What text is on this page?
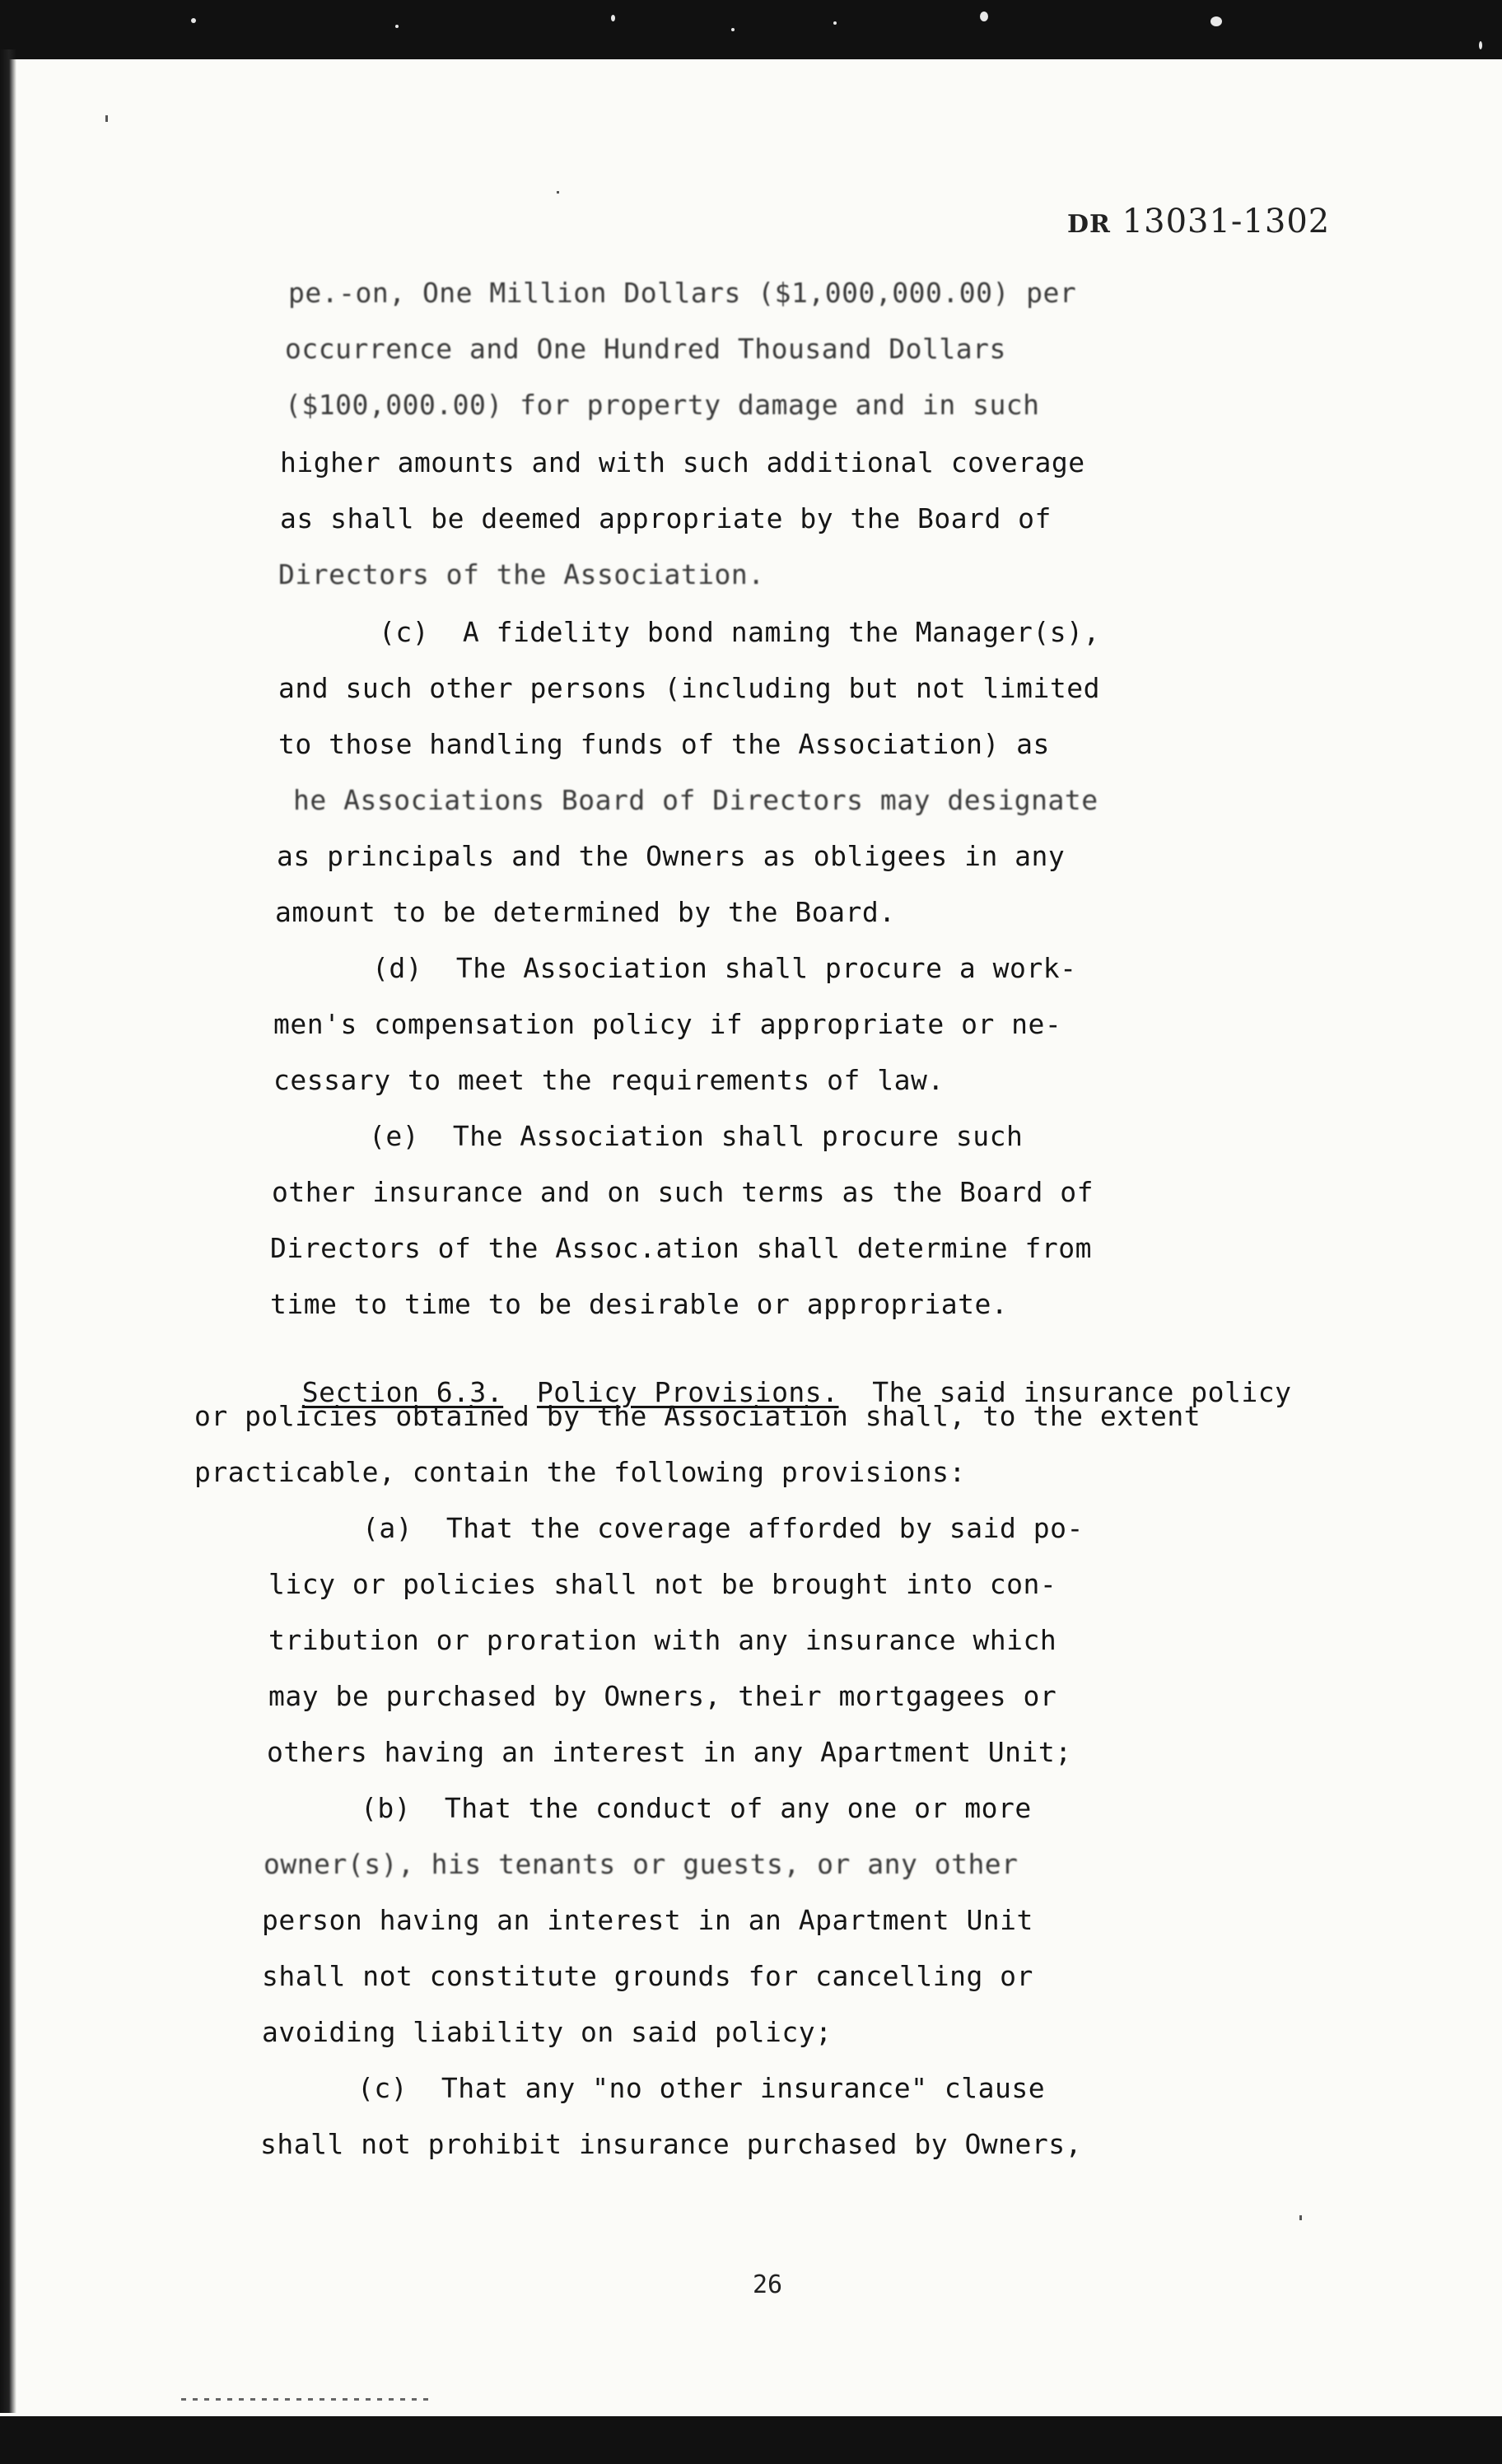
DR 13031-1302
pe.-on, One Million Dollars ($1,000,000.00) per
occurrence and One Hundred Thousand Dollars
($100,000.00) for property damage and in such
higher amounts and with such additional coverage
as shall be deemed appropriate by the Board of
Directors of the Association.
(c)  A fidelity bond naming the Manager(s),
and such other persons (including but not limited
to those handling funds of the Association) as
he Associations Board of Directors may designate
as principals and the Owners as obligees in any
amount to be determined by the Board.
(d)  The Association shall procure a work-
men's compensation policy if appropriate or ne-
cessary to meet the requirements of law.
(e)  The Association shall procure such
other insurance and on such terms as the Board of
Directors of the Assoc.ation shall determine from
time to time to be desirable or appropriate.

Section 6.3. Policy Provisions. The said insurance policy

or policies obtained by the Association shall, to the extent
practicable, contain the following provisions:
(a)  That the coverage afforded by said po-
licy or policies shall not be brought into con-
tribution or proration with any insurance which
may be purchased by Owners, their mortgagees or
others having an interest in any Apartment Unit;
(b)  That the conduct of any one or more
owner(s), his tenants or guests, or any other
person having an interest in an Apartment Unit
shall not constitute grounds for cancelling or
avoiding liability on said policy;
(c)  That any "no other insurance" clause
shall not prohibit insurance purchased by Owners,
26
